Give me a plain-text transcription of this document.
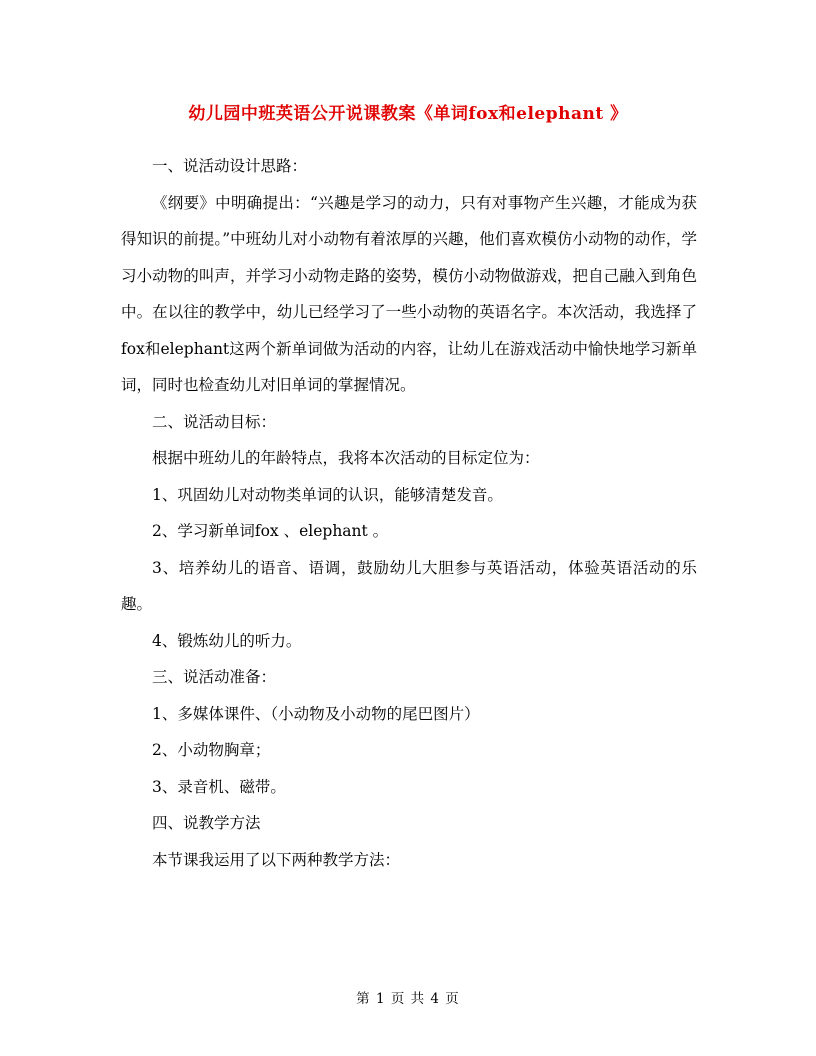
幼儿园中班英语公开说课教案《单词fox和elephant 》

一、说活动设计思路：

《纲要》中明确提出：“兴趣是学习的动力，只有对事物产生兴趣，才能成为获得知识的前提。”中班幼儿对小动物有着浓厚的兴趣，他们喜欢模仿小动物的动作，学习小动物的叫声，并学习小动物走路的姿势，模仿小动物做游戏，把自己融入到角色中。在以往的教学中，幼儿已经学习了一些小动物的英语名字。本次活动，我选择了fox和elephant这两个新单词做为活动的内容，让幼儿在游戏活动中愉快地学习新单词，同时也检查幼儿对旧单词的掌握情况。

二、说活动目标：

根据中班幼儿的年龄特点，我将本次活动的目标定位为：

1、巩固幼儿对动物类单词的认识，能够清楚发音。

2、学习新单词fox 、elephant 。

3、培养幼儿的语音、语调，鼓励幼儿大胆参与英语活动，体验英语活动的乐趣。

4、锻炼幼儿的听力。

三、说活动准备：

1、多媒体课件、（小动物及小动物的尾巴图片）

2、小动物胸章；

3、录音机、磁带。

四、说教学方法

本节课我运用了以下两种教学方法：

第 1 页 共 4 页
